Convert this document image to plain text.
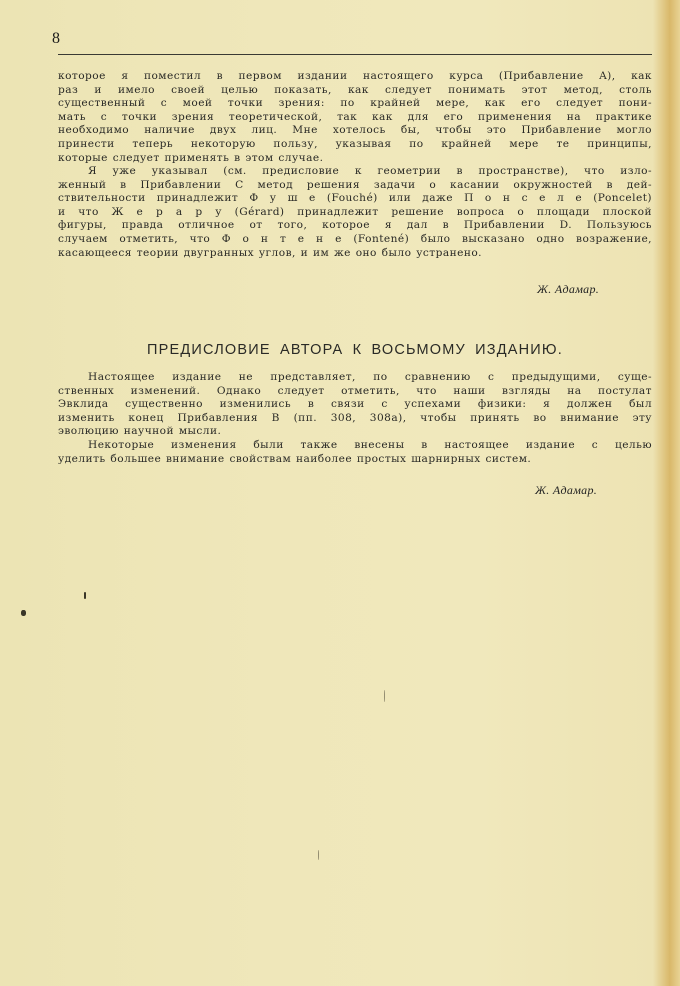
8
которое я поместил в первом издании настоящего курса (Прибавление A), как
раз и имело своей целью показать, как следует понимать этот метод, столь
существенный с моей точки зрения: по крайней мере, как его следует пони-
мать с точки зрения теоретической, так как для его применения на практике
необходимо наличие двух лиц. Мне хотелось бы, чтобы это Прибавление могло
принести теперь некоторую пользу, указывая по крайней мере те принципы,
которые следует применять в этом случае.
Я уже указывал (см. предисловие к геометрии в пространстве), что изло-
женный в Прибавлении C метод решения задачи о касании окружностей в дей-
ствительности принадлежит Ф у ш е (Fouché) или даже П о н с е л е (Poncelet)
и что Ж е р а р у (Gérard) принадлежит решение вопроса о площади плоской
фигуры, правда отличное от того, которое я дал в Прибавлении D. Пользуюсь
случаем отметить, что Ф о н т е н е (Fontené) было высказано одно возражение,
касающееся теории двугранных углов, и им же оно было устранено.
Ж. Адамар.
ПРЕДИСЛОВИЕ АВТОРА К ВОСЬМОМУ ИЗДАНИЮ.
Настоящее издание не представляет, по сравнению с предыдущими, суще-
ственных изменений. Однако следует отметить, что наши взгляды на постулат
Эвклида существенно изменились в связи с успехами физики: я должен был
изменить конец Прибавления B (пп. 308, 308а), чтобы принять во внимание эту
эволюцию научной мысли.
Некоторые изменения были также внесены в настоящее издание с целью
уделить большее внимание свойствам наиболее простых шарнирных систем.
Ж. Адамар.
